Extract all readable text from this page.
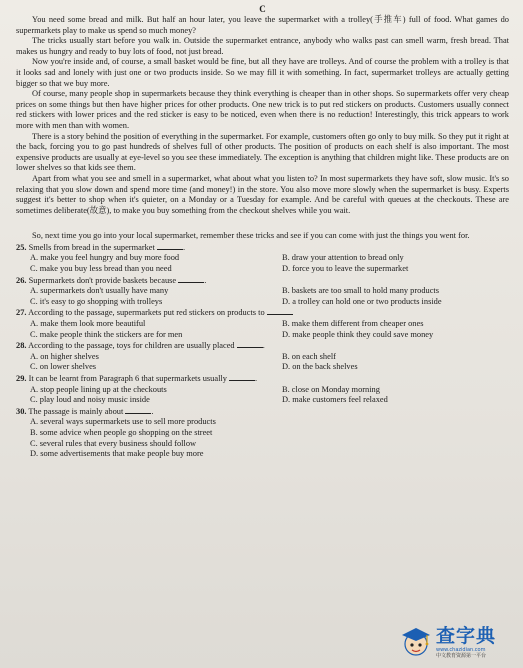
C

You need some bread and milk. But half an hour later, you leave the supermarket with a trolley(手推车) full of food. What games do supermarkets play to make us spend so much money?

The tricks usually start before you walk in. Outside the supermarket entrance, anybody who walks past can smell warm, fresh bread. That makes us hungry and ready to buy lots of food, not just bread.

Now you're inside and, of course, a small basket would be fine, but all they have are trolleys. And of course the problem with a trolley is that it looks sad and lonely with just one or two products inside. So we may fill it with something. In fact, supermarket trolleys are actually getting bigger so that we buy more.

Of course, many people shop in supermarkets because they think everything is cheaper than in other shops. So supermarkets offer very cheap prices on some things but then have higher prices for other products. One new trick is to put red stickers on products. Customers usually connect red stickers with lower prices and the red sticker is easy to be noticed, even when there is no reduction! Interestingly, this trick appears to work more with men than with women.

There is a story behind the position of everything in the supermarket. For example, customers often go only to buy milk. So they put it right at the back, forcing you to go past hundreds of shelves full of other products. The position of products on each shelf is also important. The most expensive products are usually at eye-level so you see these immediately. The exception is anything that children might like. These products are on lower shelves so that kids see them.

Apart from what you see and smell in a supermarket, what about what you listen to? In most supermarkets they have soft, slow music. It's so relaxing that you slow down and spend more time (and money!) in the store. You also move more slowly when the supermarket is busy. Experts suggest it's better to shop when it's quieter, on a Monday or a Tuesday for example. And be careful with queues at the checkouts. These are sometimes deliberate(故意), to make you buy something from the checkout shelves while you wait.

So, next time you go into your local supermarket, remember these tricks and see if you can come with just the things you went for.

25. Smells from bread in the supermarket	.
A. make you feel hungry and buy more food	B. draw your attention to bread only
C. make you buy less bread than you need	D. force you to leave the supermarket
26. Supermarkets don't provide baskets because	.
A. supermarkets don't usually have many	B. baskets are too small to hold many products
C. it's easy to go shopping with trolleys	D. a trolley can hold one or two products inside
27. According to the passage, supermarkets put red stickers on products to
A. make them look more beautiful	B. make them different from cheaper ones
C. make people think the stickers are for men	D. make people think they could save money
28. According to the passage, toys for children are usually placed	.
A. on higher shelves	B. on each shelf
C. on lower shelves	D. on the back shelves
29. It can be learnt from Paragraph 6 that supermarkets usually	.
A. stop people lining up at the checkouts	B. close on Monday morning
C. play loud and noisy music inside	D. make customers feel relaxed
30. The passage is mainly about	.
A. several ways supermarkets use to sell more products
B. some advice when people go shopping on the street
C. several rules that every business should follow
D. some advertisements that make people buy more
查字典
www.chazidian.com
中文教育资源第一平台
